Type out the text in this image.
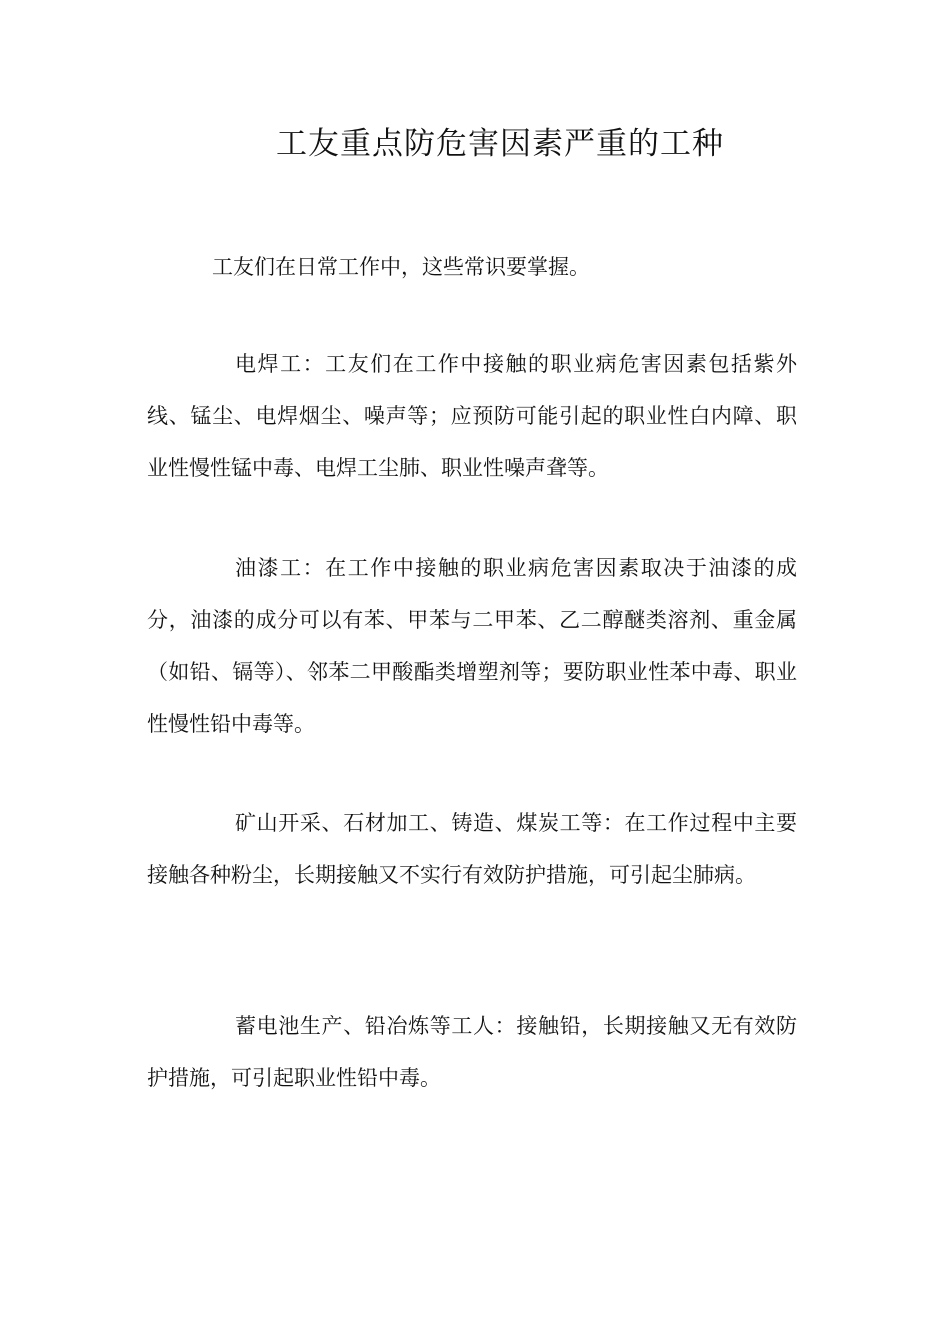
工友重点防危害因素严重的工种

工友们在日常工作中，这些常识要掌握。

电焊工：工友们在工作中接触的职业病危害因素包括紫外线、锰尘、电焊烟尘、噪声等；应预防可能引起的职业性白内障、职业性慢性锰中毒、电焊工尘肺、职业性噪声聋等。

油漆工：在工作中接触的职业病危害因素取决于油漆的成分，油漆的成分可以有苯、甲苯与二甲苯、乙二醇醚类溶剂、重金属（如铅、镉等）、邻苯二甲酸酯类增塑剂等；要防职业性苯中毒、职业性慢性铅中毒等。

矿山开采、石材加工、铸造、煤炭工等：在工作过程中主要接触各种粉尘，长期接触又不实行有效防护措施，可引起尘肺病。

蓄电池生产、铅冶炼等工人：接触铅，长期接触又无有效防护措施，可引起职业性铅中毒。
